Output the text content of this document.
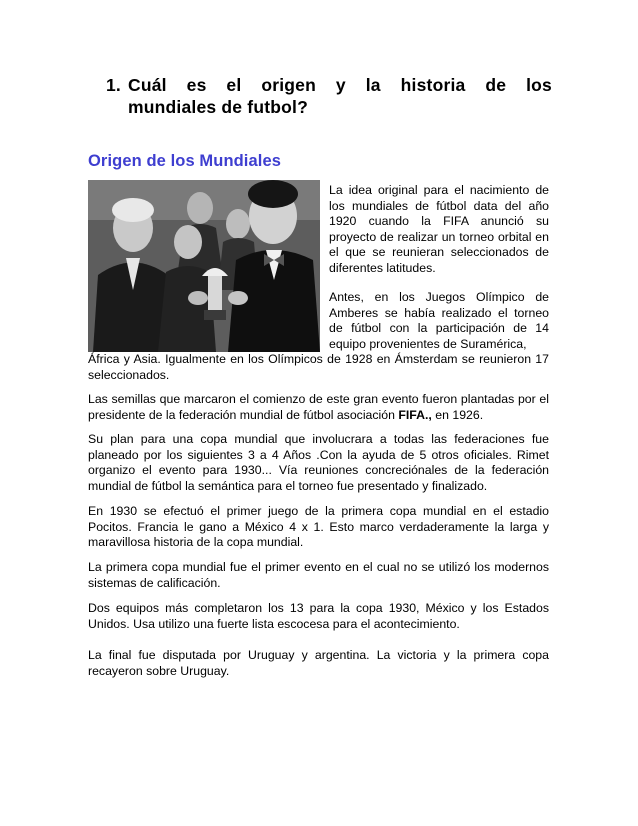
1. Cuál es el origen y la historia de los
mundiales de futbol?
Origen de los Mundiales

La idea original para el nacimiento de los mundiales de fútbol data del año 1920 cuando la FIFA anunció su proyecto de realizar un torneo orbital en el que se reunieran seleccionados de diferentes latitudes.

Antes, en los Juegos Olímpico de Amberes se había realizado el torneo de fútbol con la participación de 14 equipo provenientes de Suramérica,

África y Asia. Igualmente en los Olímpicos de 1928 en Ámsterdam se reunieron 17 seleccionados.

Las semillas que marcaron el comienzo de este gran evento fueron plantadas por el presidente de la federación mundial de fútbol asociación FIFA., en 1926.

Su plan para una copa mundial que involucrara a todas las federaciones fue planeado por los siguientes 3 a 4 Años .Con la ayuda de 5 otros oficiales. Rimet organizo el evento para 1930... Vía reuniones concreciónales de la federación mundial de fútbol la semántica para el torneo fue presentado y finalizado.

En 1930 se efectuó el primer juego de la primera copa mundial en el estadio Pocitos. Francia le gano a México 4 x 1. Esto marco verdaderamente la larga y maravillosa historia de la copa mundial.

La primera copa mundial fue el primer evento en el cual no se utilizó los modernos sistemas de calificación.

Dos equipos más completaron los 13 para la copa 1930, México y los Estados Unidos. Usa utilizo una fuerte lista escocesa para el acontecimiento.

La final fue disputada por Uruguay y argentina. La victoria y la primera copa recayeron sobre Uruguay.
